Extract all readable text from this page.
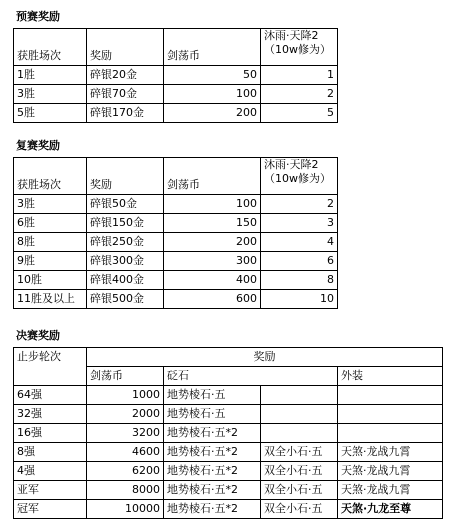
预赛奖励
获胜场次	奖励	剑荡币	沐雨·天降2
（10w修为）

1胜	碎银20金	50	1
3胜	碎银70金	100	2
5胜	碎银170金	200	5
复赛奖励
获胜场次	奖励	剑荡币	沐雨·天降2
（10w修为）

3胜	碎银50金	100	2
6胜	碎银150金	150	3
8胜	碎银250金	200	4
9胜	碎银300金	300	6
10胜	碎银400金	400	8
11胜及以上	碎银500金	600	10
决赛奖励
止步轮次	奖励			
	剑荡币	砭石		外装
64强	1000	地势棱石·五		
32强	2000	地势棱石·五		
16强	3200	地势棱石·五*2		
8强	4600	地势棱石·五*2	双全小石·五	天煞·龙战九霄
4强	6200	地势棱石·五*2	双全小石·五	天煞·龙战九霄
亚军	8000	地势棱石·五*2	双全小石·五	天煞·龙战九霄
冠军	10000	地势棱石·五*2	双全小石·五	天煞·九龙至尊
